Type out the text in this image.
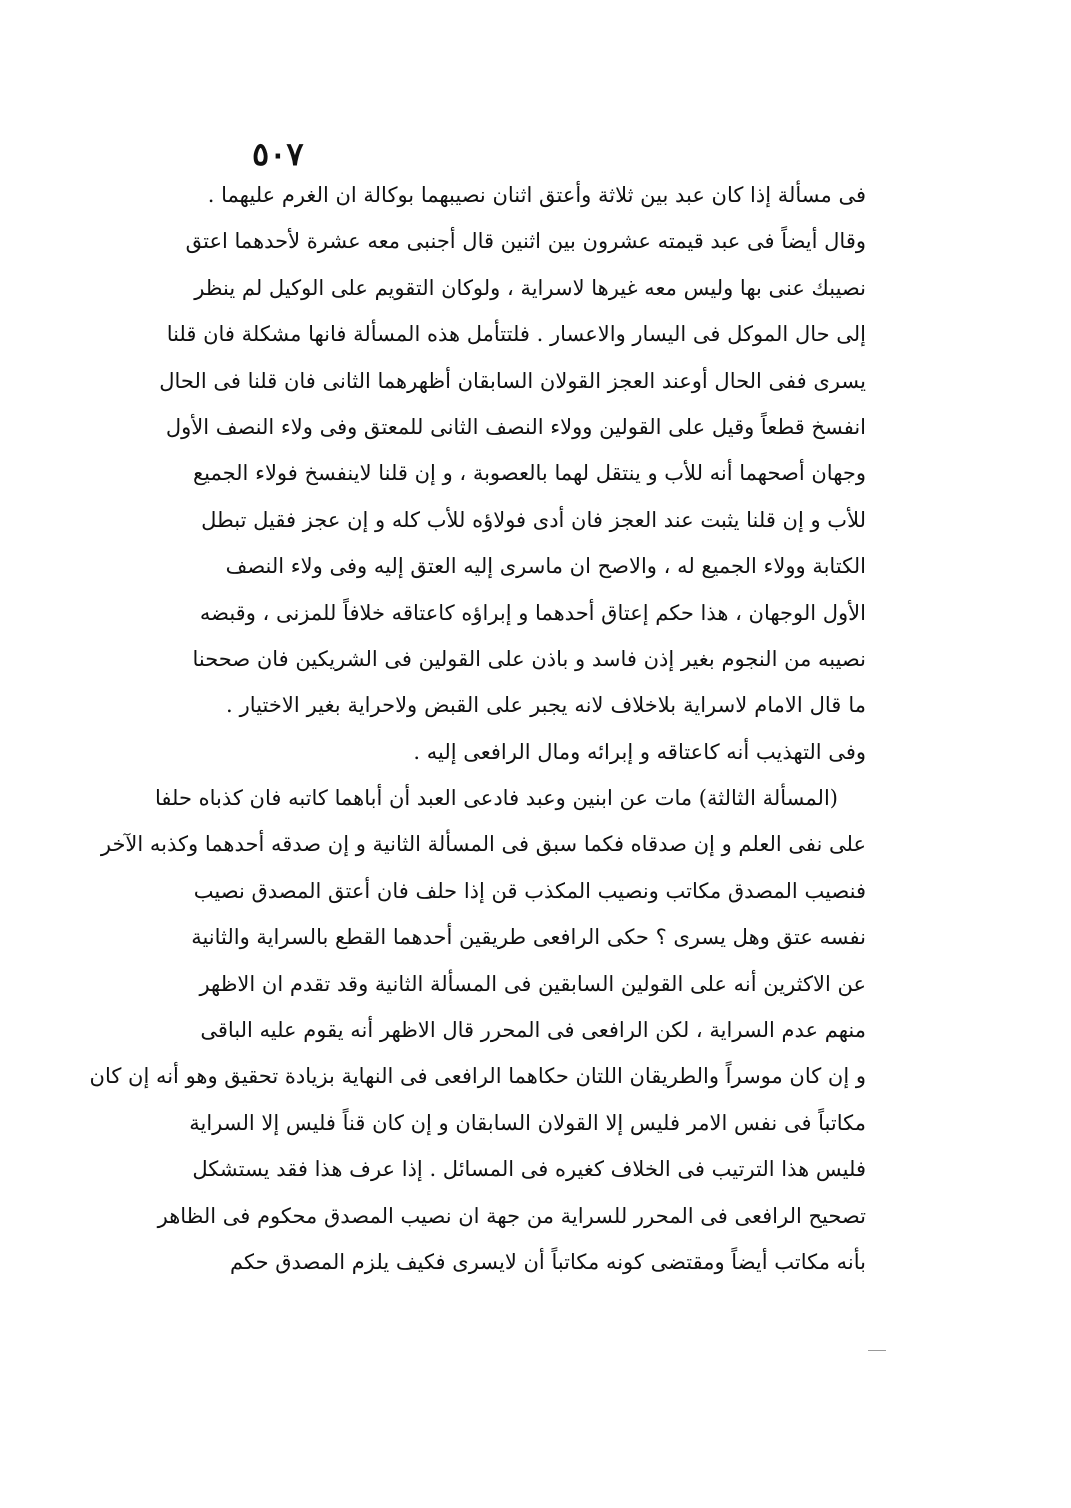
٥٠٧
فى مسألة إذا كان عبد بين ثلاثة وأعتق اثنان نصيبهما بوكالة ان الغرم عليهما .
وقال أيضاً فى عبد قيمته عشرون بين اثنين قال أجنبى معه عشرة لأحدهما اعتق
نصيبك عنى بها وليس معه غيرها لاسراية ، ولوكان التقويم على الوكيل لم ينظر
إلى حال الموكل فى اليسار والاعسار . فلتتأمل هذه المسألة فانها مشكلة فان قلنا
يسرى ففى الحال أوعند العجز القولان السابقان أظهرهما الثانى فان قلنا فى الحال
انفسخ قطعاً وقيل على القولين وولاء النصف الثانى للمعتق وفى ولاء النصف الأول
وجهان أصحهما أنه للأب و ينتقل لهما بالعصوبة ، و إن قلنا لاينفسخ فولاء الجميع
للأب و إن قلنا يثبت عند العجز فان أدى فولاؤه للأب كله و إن عجز فقيل تبطل
الكتابة وولاء الجميع له ، والاصح ان ماسرى إليه العتق إليه وفى ولاء النصف
الأول الوجهان ، هذا حكم إعتاق أحدهما و إبراؤه كاعتاقه خلافاً للمزنى ، وقبضه
نصيبه من النجوم بغير إذن فاسد و باذن على القولين فى الشريكين فان صححنا
ما قال الامام لاسراية بلاخلاف لانه يجبر على القبض ولاحراية بغير الاختيار .
وفى التهذيب أنه كاعتاقه و إبرائه ومال الرافعى إليه .
(المسألة الثالثة) مات عن ابنين وعبد فادعى العبد أن أباهما كاتبه فان كذباه حلفا
على نفى العلم و إن صدقاه فكما سبق فى المسألة الثانية و إن صدقه أحدهما وكذبه الآخر
فنصيب المصدق مكاتب ونصيب المكذب قن إذا حلف فان أعتق المصدق نصيب
نفسه عتق وهل يسرى ؟ حكى الرافعى طريقين أحدهما القطع بالسراية والثانية
عن الاكثرين أنه على القولين السابقين فى المسألة الثانية وقد تقدم ان الاظهر
منهم عدم السراية ، لكن الرافعى فى المحرر قال الاظهر أنه يقوم عليه الباقى
و إن كان موسراً والطريقان اللتان حكاهما الرافعى فى النهاية بزيادة تحقيق وهو أنه إن كان
مكاتباً فى نفس الامر فليس إلا القولان السابقان و إن كان قناً فليس إلا السراية
فليس هذا الترتيب فى الخلاف كغيره فى المسائل . إذا عرف هذا فقد يستشكل
تصحيح الرافعى فى المحرر للسراية من جهة ان نصيب المصدق محكوم فى الظاهر
بأنه مكاتب أيضاً ومقتضى كونه مكاتباً أن لايسرى فكيف يلزم المصدق حكم
